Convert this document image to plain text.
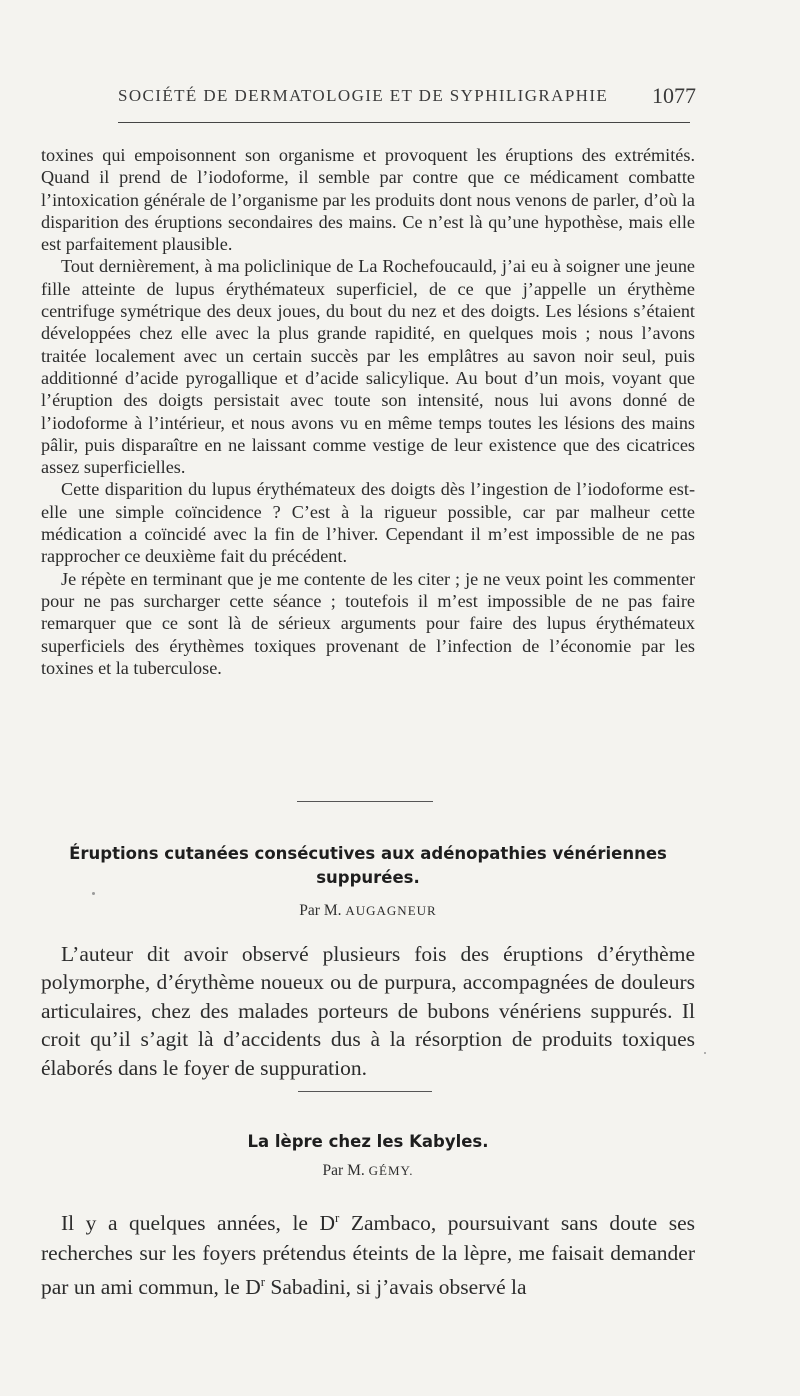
SOCIÉTÉ DE DERMATOLOGIE ET DE SYPHILIGRAPHIE 1077

toxines qui empoisonnent son organisme et provoquent les éruptions des extrémités. Quand il prend de l’iodoforme, il semble par contre que ce médicament combatte l’intoxication générale de l’organisme par les produits dont nous venons de parler, d’où la disparition des éruptions secondaires des mains. Ce n’est là qu’une hypothèse, mais elle est parfaitement plausible.

Tout dernièrement, à ma policlinique de La Rochefoucauld, j’ai eu à soigner une jeune fille atteinte de lupus érythémateux superficiel, de ce que j’appelle un érythème centrifuge symétrique des deux joues, du bout du nez et des doigts. Les lésions s’étaient développées chez elle avec la plus grande rapidité, en quelques mois ; nous l’avons traitée localement avec un certain succès par les emplâtres au savon noir seul, puis additionné d’acide pyrogallique et d’acide salicylique. Au bout d’un mois, voyant que l’éruption des doigts persistait avec toute son intensité, nous lui avons donné de l’iodoforme à l’intérieur, et nous avons vu en même temps toutes les lésions des mains pâlir, puis disparaître en ne laissant comme vestige de leur existence que des cicatrices assez superficielles.

Cette disparition du lupus érythémateux des doigts dès l’ingestion de l’iodoforme est-elle une simple coïncidence ? C’est à la rigueur possible, car par malheur cette médication a coïncidé avec la fin de l’hiver. Cependant il m’est impossible de ne pas rapprocher ce deuxième fait du précédent.

Je répète en terminant que je me contente de les citer ; je ne veux point les commenter pour ne pas surcharger cette séance ; toutefois il m’est impossible de ne pas faire remarquer que ce sont là de sérieux arguments pour faire des lupus érythémateux superficiels des érythèmes toxiques provenant de l’infection de l’économie par les toxines et la tuberculose.

Éruptions cutanées consécutives aux adénopathies vénériennes
suppurées.
Par M. AUGAGNEUR

L’auteur dit avoir observé plusieurs fois des éruptions d’érythème polymorphe, d’érythème noueux ou de purpura, accompagnées de douleurs articulaires, chez des malades porteurs de bubons vénériens suppurés. Il croit qu’il s’agit là d’accidents dus à la résorption de produits toxiques élaborés dans le foyer de suppuration.

La lèpre chez les Kabyles.
Par M. GÉMY.

Il y a quelques années, le $D^r$ Zambaco, poursuivant sans doute ses recherches sur les foyers prétendus éteints de la lèpre, me faisait demander par un ami commun, le $D^r$ Sabadini, si j’avais observé la
